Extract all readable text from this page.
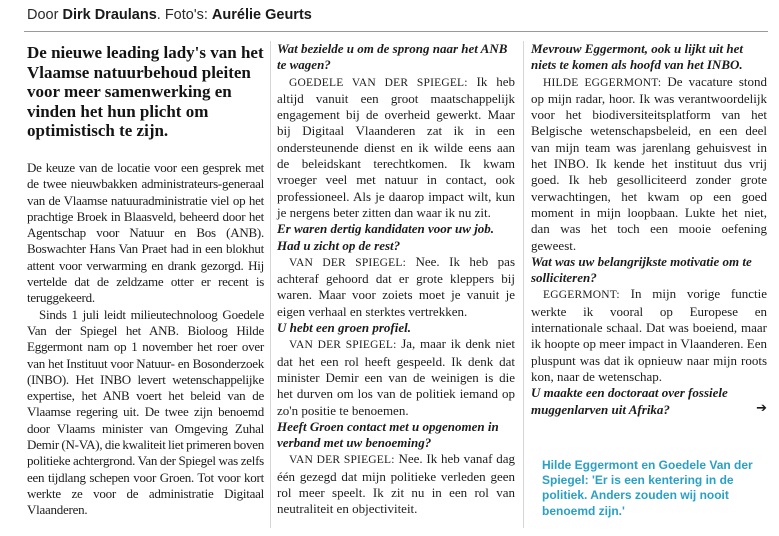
Door Dirk Draulans. Foto's: Aurélie Geurts

De nieuwe leading lady's van het Vlaamse natuurbehoud pleiten voor meer samenwerking en vinden het hun plicht om optimistisch te zijn.

De keuze van de locatie voor een gesprek met de twee nieuwbakken administrateurs-generaal van de Vlaamse natuuradministratie viel op het prachtige Broek in Blaasveld, beheerd door het Agentschap voor Natuur en Bos (ANB). Boswachter Hans Van Praet had in een blokhut attent voor verwarming en drank gezorgd. Hij vertelde dat de zeldzame otter er recent is teruggekeerd.

Sinds 1 juli leidt milieutechnoloog Goedele Van der Spiegel het ANB. Bioloog Hilde Eggermont nam op 1 november het roer over van het Instituut voor Natuur- en Bosonderzoek (INBO). Het INBO levert wetenschappelijke expertise, het ANB voert het beleid van de Vlaamse regering uit. De twee zijn benoemd door Vlaams minister van Omgeving Zuhal Demir (N-VA), die kwaliteit liet primeren boven politieke achtergrond. Van der Spiegel was zelfs een tijdlang schepen voor Groen. Tot voor kort werkte ze voor de administratie Digitaal Vlaanderen.

Wat bezielde u om de sprong naar het ANB te wagen?

GOEDELE VAN DER SPIEGEL: Ik heb altijd vanuit een groot maatschappelijk engagement bij de overheid gewerkt. Maar bij Digitaal Vlaanderen zat ik in een ondersteunende dienst en ik wilde eens aan de beleidskant terechtkomen. Ik kwam vroeger veel met natuur in contact, ook professioneel. Als je daarop impact wilt, kun je nergens beter zitten dan waar ik nu zit.

Er waren dertig kandidaten voor uw job. Had u zicht op de rest?

VAN DER SPIEGEL: Nee. Ik heb pas achteraf gehoord dat er grote kleppers bij waren. Maar voor zoiets moet je vanuit je eigen verhaal en sterktes vertrekken.

U hebt een groen profiel.

VAN DER SPIEGEL: Ja, maar ik denk niet dat het een rol heeft gespeeld. Ik denk dat minister Demir een van de weinigen is die het durven om los van de politiek iemand op zo'n positie te benoemen.

Heeft Groen contact met u opgenomen in verband met uw benoeming?

VAN DER SPIEGEL: Nee. Ik heb vanaf dag één gezegd dat mijn politieke verleden geen rol meer speelt. Ik zit nu in een rol van neutraliteit en objectiviteit.

Mevrouw Eggermont, ook u lijkt uit het niets te komen als hoofd van het INBO.

HILDE EGGERMONT: De vacature stond op mijn radar, hoor. Ik was verantwoordelijk voor het biodiversiteitsplatform van het Belgische wetenschapsbeleid, en een deel van mijn team was jarenlang gehuisvest in het INBO. Ik kende het instituut dus vrij goed. Ik heb gesolliciteerd zonder grote verwachtingen, het kwam op een goed moment in mijn loopbaan. Lukte het niet, dan was het toch een mooie oefening geweest.

Wat was uw belangrijkste motivatie om te solliciteren?

EGGERMONT: In mijn vorige functie werkte ik vooral op Europese en internationale schaal. Dat was boeiend, maar ik hoopte op meer impact in Vlaanderen. Een pluspunt was dat ik opnieuw naar mijn roots kon, naar de wetenschap.

U maakte een doctoraat over fossiele muggenlarven uit Afrika?	➔

Hilde Eggermont en Goedele Van der Spiegel: 'Er is een kentering in de politiek. Anders zouden wij nooit benoemd zijn.'
